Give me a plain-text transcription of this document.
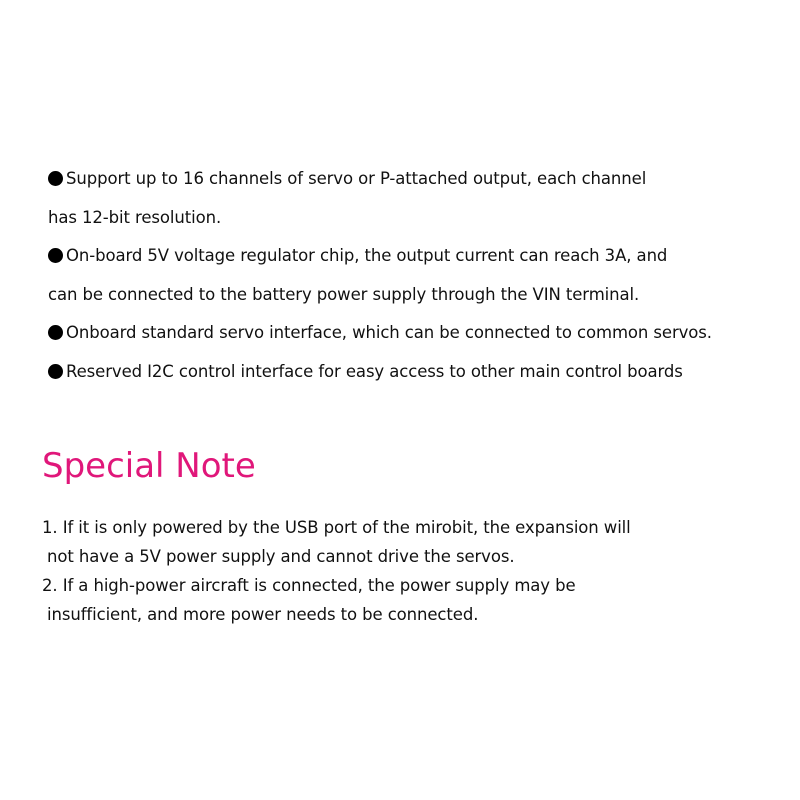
Support up to 16 channels of servo or P-attached output, each channel
has 12-bit resolution.
On-board 5V voltage regulator chip, the output current can reach 3A, and
can be connected to the battery power supply through the VIN terminal.
Onboard standard servo interface, which can be connected to common servos.
Reserved I2C control interface for easy access to other main control boards
Special Note
1. If it is only powered by the USB port of the mirobit, the expansion will
not have a 5V power supply and cannot drive the servos.
2. If a high-power aircraft is connected, the power supply may be
insufficient, and more power needs to be connected.
